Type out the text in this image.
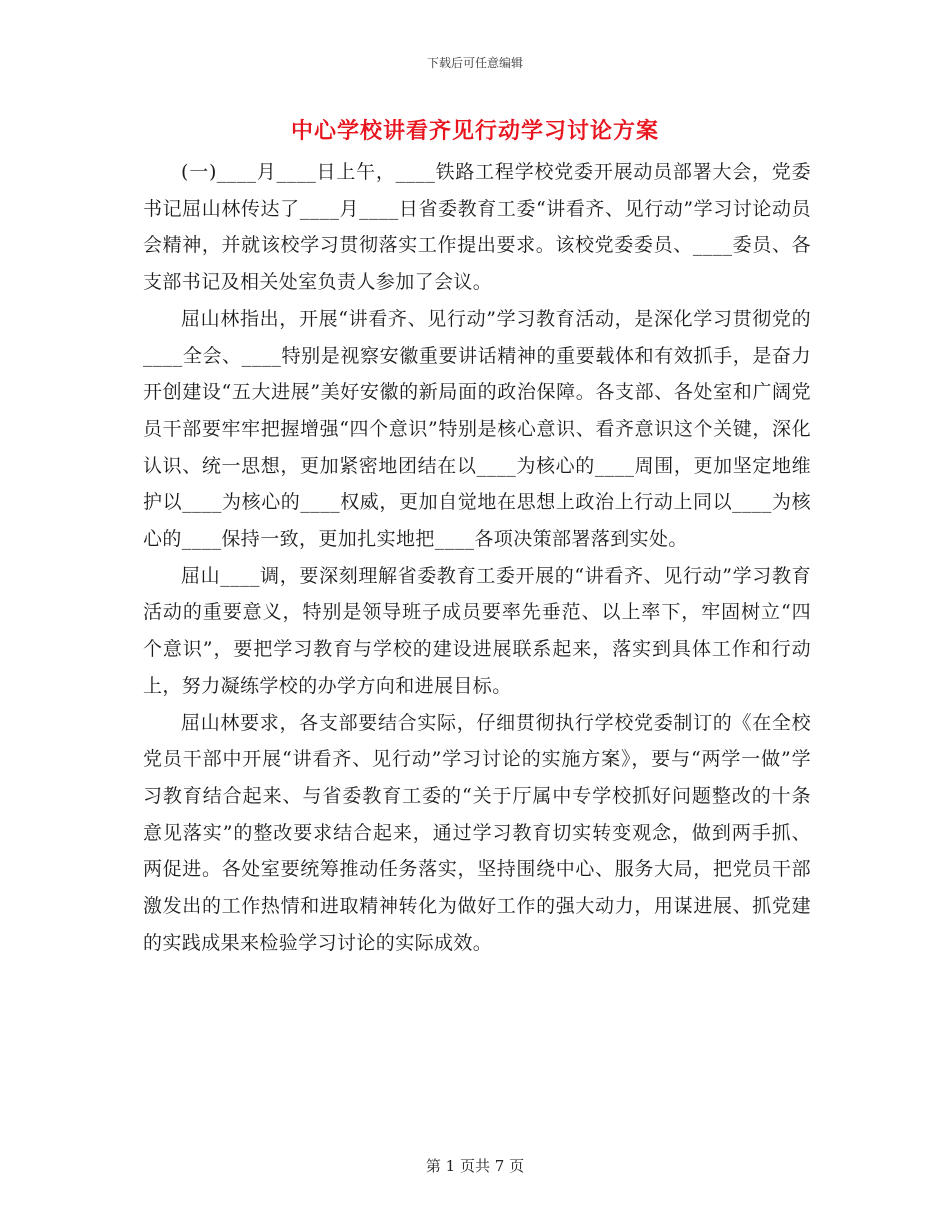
下载后可任意编辑
中心学校讲看齐见行动学习讨论方案

(一)____月____日上午，____铁路工程学校党委开展动员部署大会，党委书记屈山林传达了____月____日省委教育工委“讲看齐、见行动”学习讨论动员会精神，并就该校学习贯彻落实工作提出要求。该校党委委员、____委员、各支部书记及相关处室负责人参加了会议。

屈山林指出，开展“讲看齐、见行动”学习教育活动，是深化学习贯彻党的____全会、____特别是视察安徽重要讲话精神的重要载体和有效抓手，是奋力开创建设“五大进展”美好安徽的新局面的政治保障。各支部、各处室和广阔党员干部要牢牢把握增强“四个意识”特别是核心意识、看齐意识这个关键，深化认识、统一思想，更加紧密地团结在以____为核心的____周围，更加坚定地维护以____为核心的____权威，更加自觉地在思想上政治上行动上同以____为核心的____保持一致，更加扎实地把____各项决策部署落到实处。

屈山____调，要深刻理解省委教育工委开展的“讲看齐、见行动”学习教育活动的重要意义，特别是领导班子成员要率先垂范、以上率下，牢固树立“四个意识”，要把学习教育与学校的建设进展联系起来，落实到具体工作和行动上，努力凝练学校的办学方向和进展目标。

屈山林要求，各支部要结合实际，仔细贯彻执行学校党委制订的《在全校党员干部中开展“讲看齐、见行动”学习讨论的实施方案》，要与“两学一做”学习教育结合起来、与省委教育工委的“关于厅属中专学校抓好问题整改的十条意见落实”的整改要求结合起来，通过学习教育切实转变观念，做到两手抓、两促进。各处室要统筹推动任务落实，坚持围绕中心、服务大局，把党员干部激发出的工作热情和进取精神转化为做好工作的强大动力，用谋进展、抓党建的实践成果来检验学习讨论的实际成效。

第 1 页共 7 页
